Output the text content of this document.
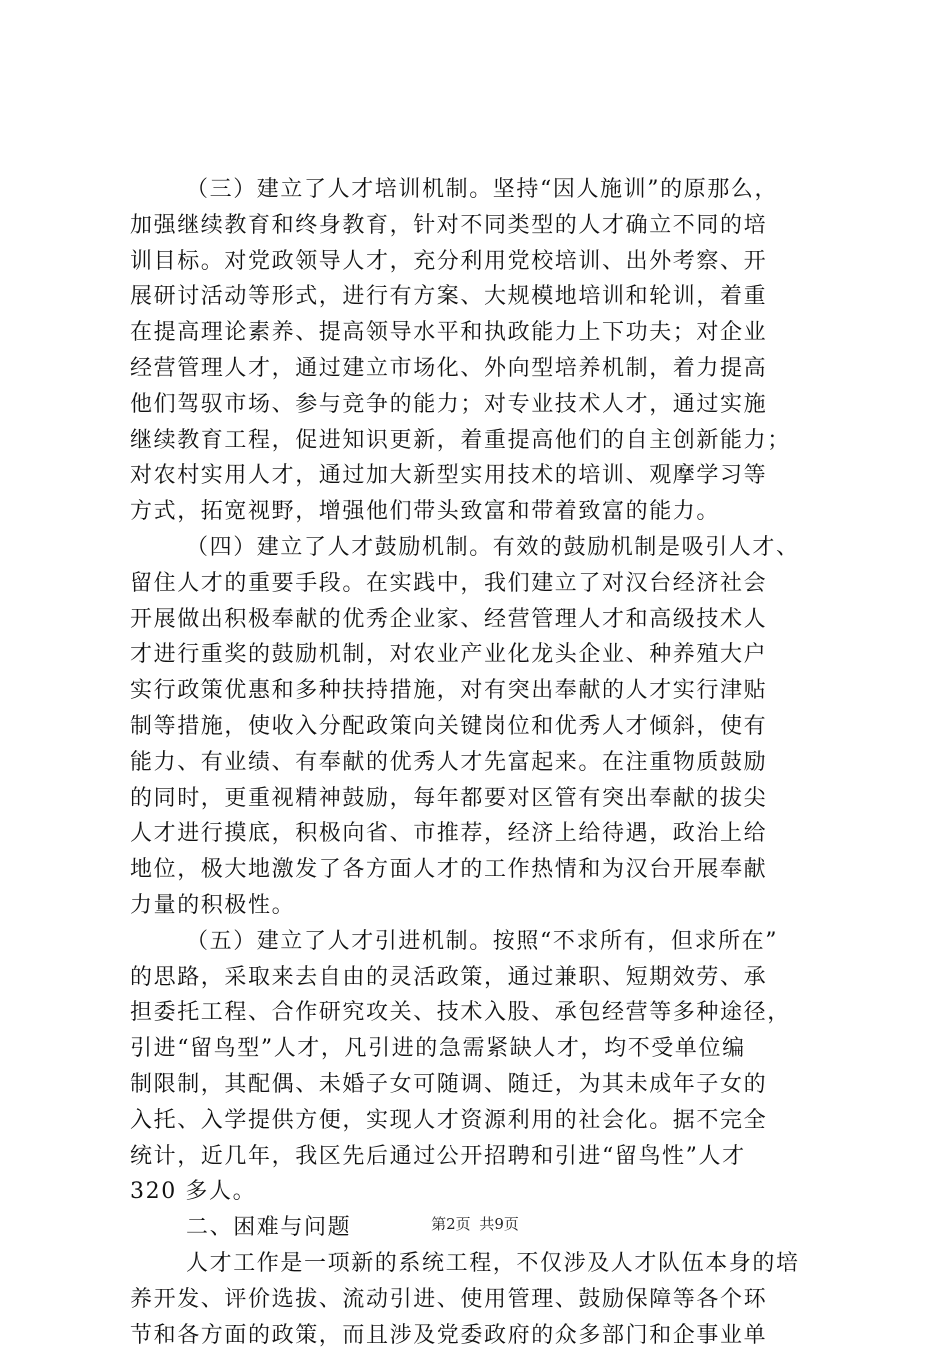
（三）建立了人才培训机制。坚持“因人施训”的原那么，
加强继续教育和终身教育，针对不同类型的人才确立不同的培
训目标。对党政领导人才，充分利用党校培训、出外考察、开
展研讨活动等形式，进行有方案、大规模地培训和轮训，着重
在提高理论素养、提高领导水平和执政能力上下功夫；对企业
经营管理人才，通过建立市场化、外向型培养机制，着力提高
他们驾驭市场、参与竞争的能力；对专业技术人才，通过实施
继续教育工程，促进知识更新，着重提高他们的自主创新能力；
对农村实用人才，通过加大新型实用技术的培训、观摩学习等
方式，拓宽视野，增强他们带头致富和带着致富的能力。
（四）建立了人才鼓励机制。有效的鼓励机制是吸引人才、
留住人才的重要手段。在实践中，我们建立了对汉台经济社会
开展做出积极奉献的优秀企业家、经营管理人才和高级技术人
才进行重奖的鼓励机制，对农业产业化龙头企业、种养殖大户
实行政策优惠和多种扶持措施，对有突出奉献的人才实行津贴
制等措施，使收入分配政策向关键岗位和优秀人才倾斜，使有
能力、有业绩、有奉献的优秀人才先富起来。在注重物质鼓励
的同时，更重视精神鼓励，每年都要对区管有突出奉献的拔尖
人才进行摸底，积极向省、市推荐，经济上给待遇，政治上给
地位，极大地激发了各方面人才的工作热情和为汉台开展奉献
力量的积极性。
（五）建立了人才引进机制。按照“不求所有，但求所在”
的思路，采取来去自由的灵活政策，通过兼职、短期效劳、承
担委托工程、合作研究攻关、技术入股、承包经营等多种途径，
引进“留鸟型”人才，凡引进的急需紧缺人才，均不受单位编
制限制，其配偶、未婚子女可随调、随迁，为其未成年子女的
入托、入学提供方便，实现人才资源利用的社会化。据不完全
统计，近几年，我区先后通过公开招聘和引进“留鸟性”人才
320 多人。
二、困难与问题
人才工作是一项新的系统工程，不仅涉及人才队伍本身的培
养开发、评价选拔、流动引进、使用管理、鼓励保障等各个环
节和各方面的政策，而且涉及党委政府的众多部门和企事业单
第2页 共9页
